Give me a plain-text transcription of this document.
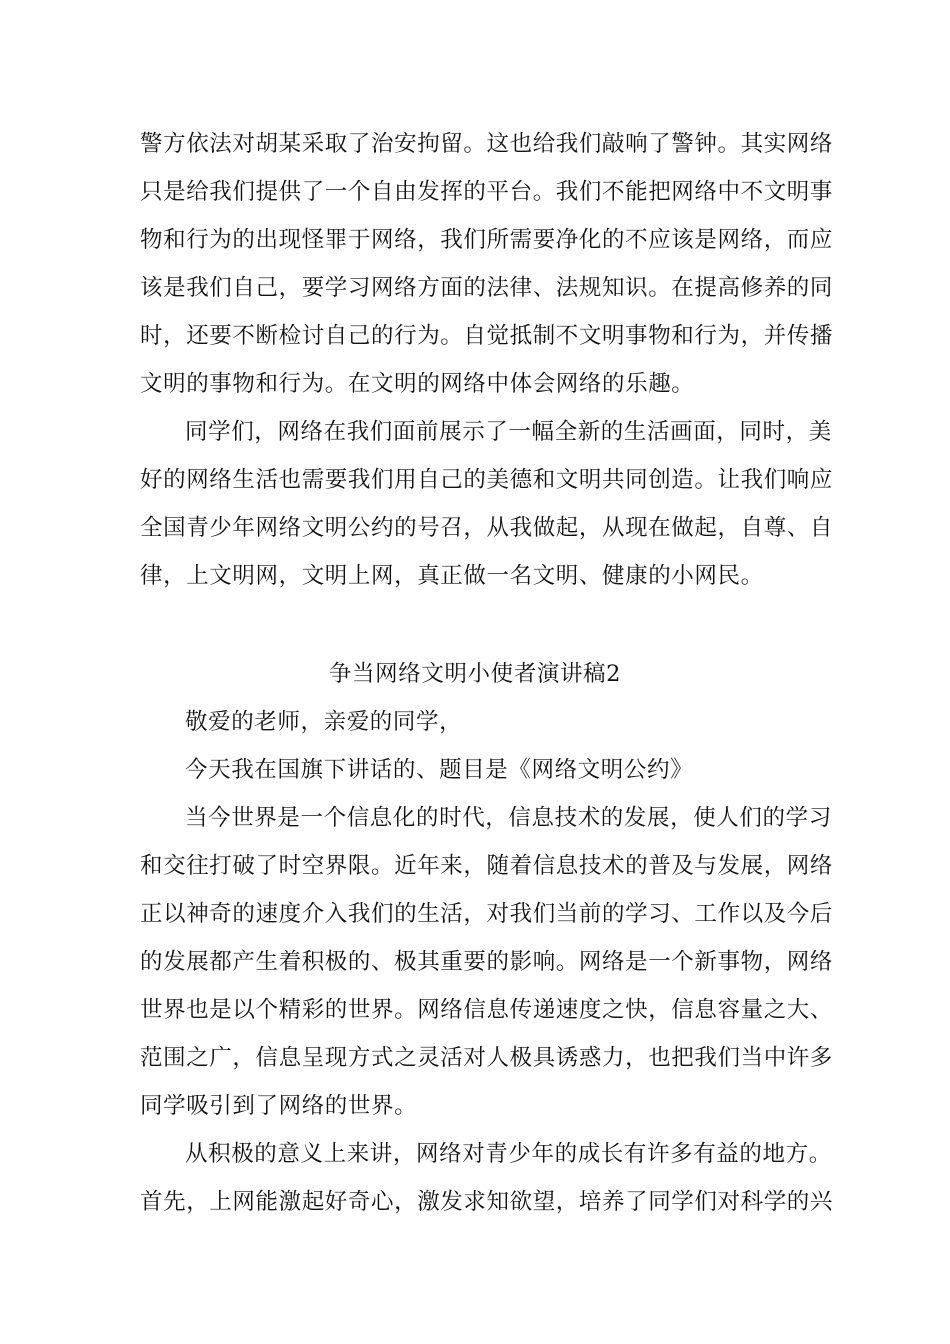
警方依法对胡某采取了治安拘留。这也给我们敲响了警钟。其实网络
只是给我们提供了一个自由发挥的平台。我们不能把网络中不文明事
物和行为的出现怪罪于网络，我们所需要净化的不应该是网络，而应
该是我们自己，要学习网络方面的法律、法规知识。在提高修养的同
时，还要不断检讨自己的行为。自觉抵制不文明事物和行为，并传播
文明的事物和行为。在文明的网络中体会网络的乐趣。
同学们，网络在我们面前展示了一幅全新的生活画面，同时，美
好的网络生活也需要我们用自己的美德和文明共同创造。让我们响应
全国青少年网络文明公约的号召，从我做起，从现在做起，自尊、自
律，上文明网，文明上网，真正做一名文明、健康的小网民。
争当网络文明小使者演讲稿2
敬爱的老师，亲爱的同学，
今天我在国旗下讲话的、题目是《网络文明公约》
当今世界是一个信息化的时代，信息技术的发展，使人们的学习
和交往打破了时空界限。近年来，随着信息技术的普及与发展，网络
正以神奇的速度介入我们的生活，对我们当前的学习、工作以及今后
的发展都产生着积极的、极其重要的影响。网络是一个新事物，网络
世界也是以个精彩的世界。网络信息传递速度之快，信息容量之大、
范围之广，信息呈现方式之灵活对人极具诱惑力，也把我们当中许多
同学吸引到了网络的世界。
从积极的意义上来讲，网络对青少年的成长有许多有益的地方。
首先，上网能激起好奇心，激发求知欲望，培养了同学们对科学的兴
